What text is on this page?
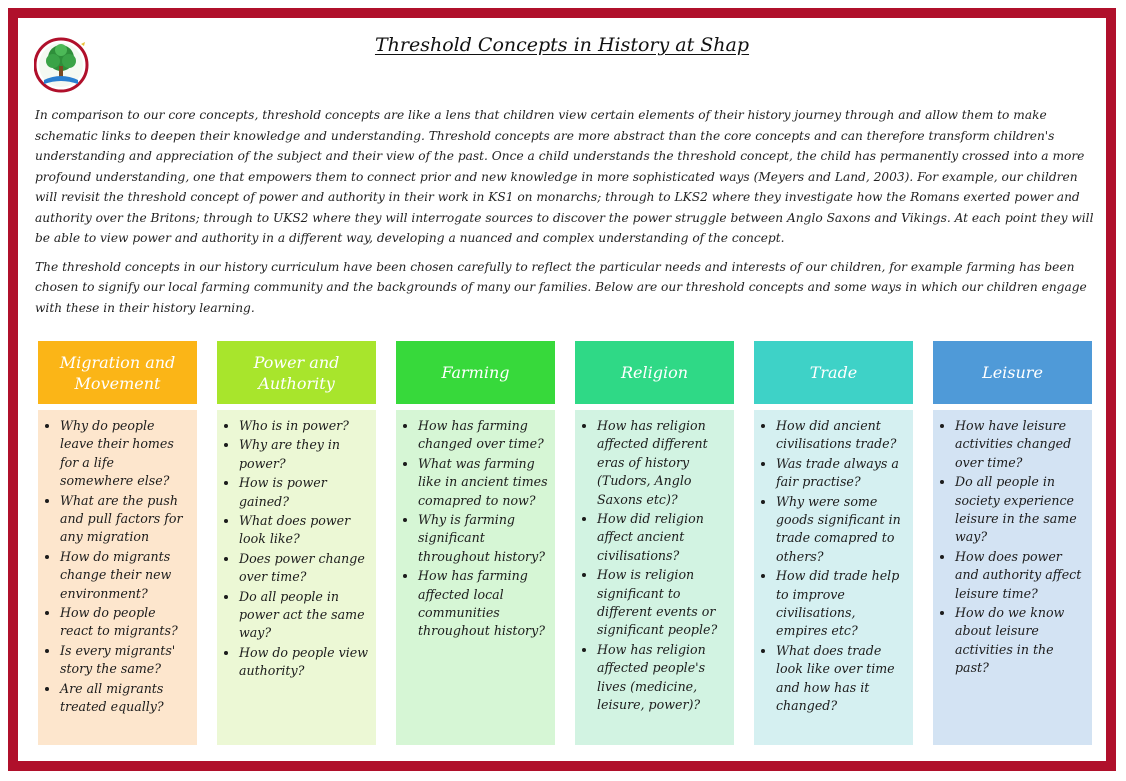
Threshold Concepts in History at Shap

In comparison to our core concepts, threshold concepts are like a lens that children view certain elements of their history journey through and allow them to make schematic links to deepen their knowledge and understanding. Threshold concepts are more abstract than the core concepts and can therefore transform children's understanding and appreciation of the subject and their view of the past. Once a child understands the threshold concept, the child has permanently crossed into a more profound understanding, one that empowers them to connect prior and new knowledge in more sophisticated ways (Meyers and Land, 2003). For example, our children will revisit the threshold concept of power and authority in their work in KS1 on monarchs; through to LKS2 where they investigate how the Romans exerted power and authority over the Britons; through to UKS2 where they will interrogate sources to discover the power struggle between Anglo Saxons and Vikings. At each point they will be able to view power and authority in a different way, developing a nuanced and complex understanding of the concept.

The threshold concepts in our history curriculum have been chosen carefully to reflect the particular needs and interests of our children, for example farming has been chosen to signify our local farming community and the backgrounds of many our families. Below are our threshold concepts and some ways in which our children engage with these in their history learning.

Migration and Movement
• Why do people leave their homes for a life somewhere else?
• What are the push and pull factors for any migration
• How do migrants change their new environment?
• How do people react to migrants?
• Is every migrants' story the same?
• Are all migrants treated equally?
Power and Authority
• Who is in power?
• Why are they in power?
• How is power gained?
• What does power look like?
• Does power change over time?
• Do all people in power act the same way?
• How do people view authority?
Farming
• How has farming changed over time?
• What was farming like in ancient times comapred to now?
• Why is farming significant throughout history?
• How has farming affected local communities throughout history?
Religion
• How has religion affected different eras of history (Tudors, Anglo Saxons etc)?
• How did religion affect ancient civilisations?
• How is religion significant to different events or significant people?
• How has religion affected people's lives (medicine, leisure, power)?
Trade
• How did ancient civilisations trade?
• Was trade always a fair practise?
• Why were some goods significant in trade comapred to others?
• How did trade help to improve civilisations, empires etc?
• What does trade look like over time and how has it changed?
Leisure
• How have leisure activities changed over time?
• Do all people in society experience leisure in the same way?
• How does power and authority affect leisure time?
• How do we know about leisure activities in the past?
